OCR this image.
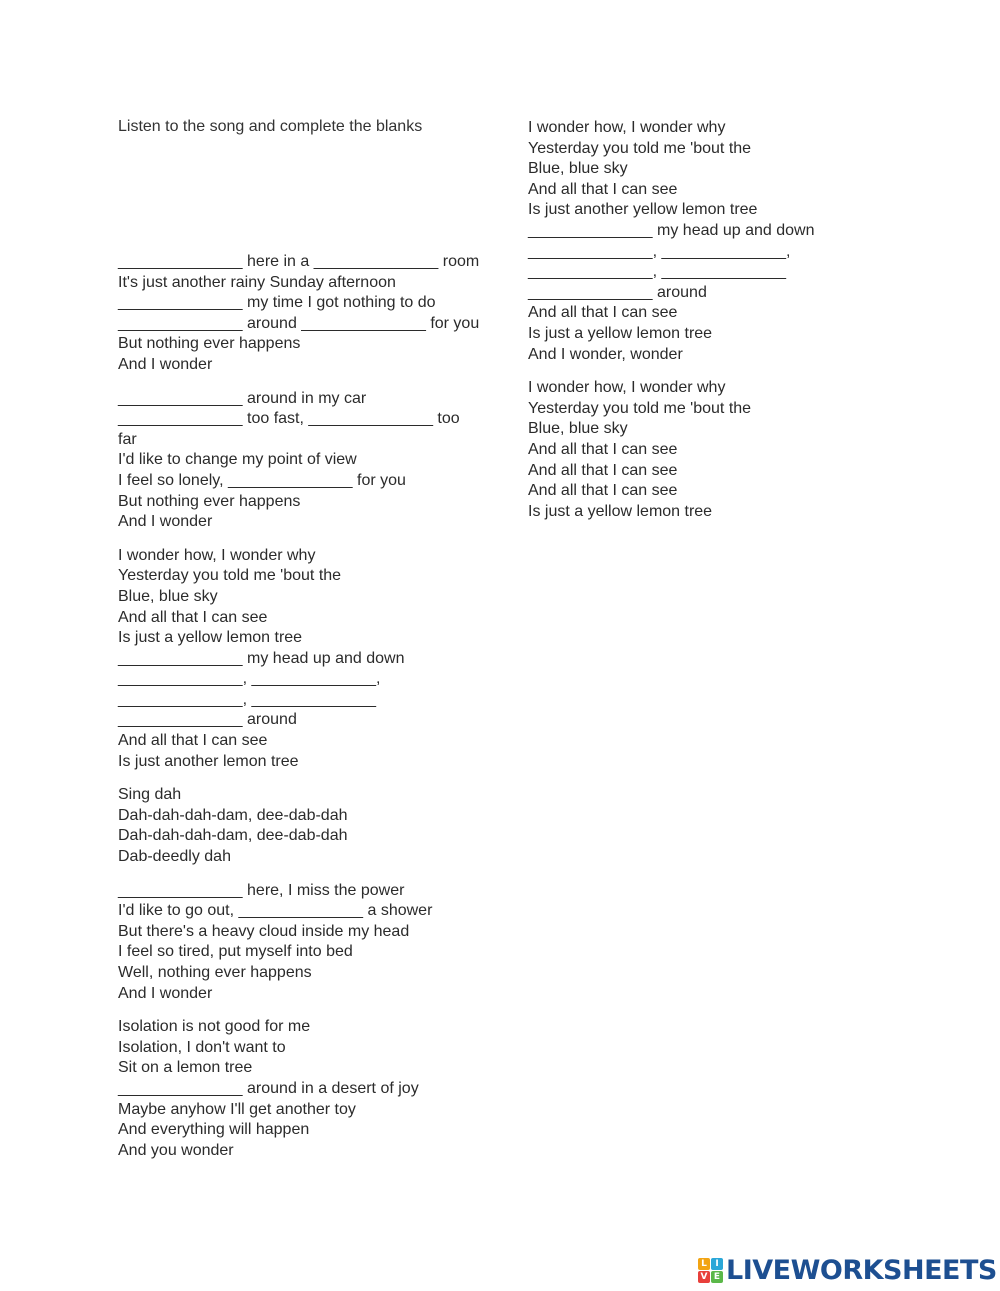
Listen to the song and complete the blanks
______________ here in a ______________ room
It's just another rainy Sunday afternoon
______________ my time I got nothing to do
______________ around ______________ for you
But nothing ever happens
And I wonder
______________ around in my car
______________ too fast, ______________ too
far
I'd like to change my point of view
I feel so lonely, ______________ for you
But nothing ever happens
And I wonder
I wonder how, I wonder why
Yesterday you told me 'bout the
Blue, blue sky
And all that I can see
Is just a yellow lemon tree
______________ my head up and down
______________, ______________,
______________, ______________
______________ around
And all that I can see
Is just another lemon tree
Sing dah
Dah-dah-dah-dam, dee-dab-dah
Dah-dah-dah-dam, dee-dab-dah
Dab-deedly dah
______________ here, I miss the power
I'd like to go out, ______________ a shower
But there's a heavy cloud inside my head
I feel so tired, put myself into bed
Well, nothing ever happens
And I wonder
Isolation is not good for me
Isolation, I don't want to
Sit on a lemon tree
______________ around in a desert of joy
Maybe anyhow I'll get another toy
And everything will happen
And you wonder
I wonder how, I wonder why
Yesterday you told me 'bout the
Blue, blue sky
And all that I can see
Is just another yellow lemon tree
______________ my head up and down
______________, ______________,
______________, ______________
______________ around
And all that I can see
Is just a yellow lemon tree
And I wonder, wonder
I wonder how, I wonder why
Yesterday you told me 'bout the
Blue, blue sky
And all that I can see
And all that I can see
And all that I can see
Is just a yellow lemon tree
L I
V E LIVEWORKSHEETS
